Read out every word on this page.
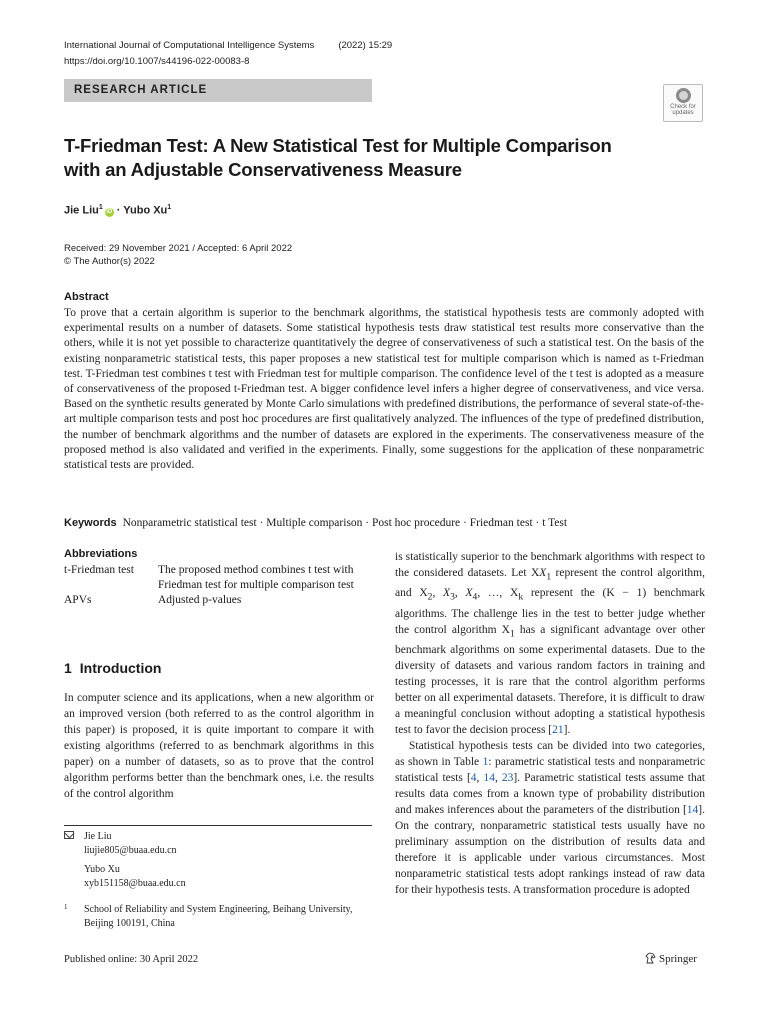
International Journal of Computational Intelligence Systems	(2022) 15:29
https://doi.org/10.1007/s44196-022-00083-8
RESEARCH ARTICLE
Check for
updates
T-Friedman Test: A New Statistical Test for Multiple Comparison with an Adjustable Conservativeness Measure
Jie Liu$^1$iD · Yubo Xu$^1$
Received: 29 November 2021 / Accepted: 6 April 2022
© The Author(s) 2022
Abstract
To prove that a certain algorithm is superior to the benchmark algorithms, the statistical hypothesis tests are commonly adopted with experimental results on a number of datasets. Some statistical hypothesis tests draw statistical test results more conservative than the others, while it is not yet possible to characterize quantitatively the degree of conservativeness of such a statistical test. On the basis of the existing nonparametric statistical tests, this paper proposes a new statistical test for multiple comparison which is named as t-Friedman test. T-Friedman test combines t test with Friedman test for multiple comparison. The confidence level of the t test is adopted as a measure of conservativeness of the proposed t-Friedman test. A bigger confidence level infers a higher degree of conservativeness, and vice versa. Based on the synthetic results generated by Monte Carlo simulations with predefined distributions, the performance of several state-of-the-art multiple comparison tests and post hoc procedures are first qualitatively analyzed. The influences of the type of predefined distribution, the number of benchmark algorithms and the number of datasets are explored in the experiments. The conservativeness measure of the proposed method is also validated and verified in the experiments. Finally, some suggestions for the application of these nonparametric statistical tests are provided.
Keywords Nonparametric statistical test · Multiple comparison · Post hoc procedure · Friedman test · t Test
Abbreviations
t-Friedman test	The proposed method combines t test with Friedman test for multiple comparison test
APVs	Adjusted p-values
1 Introduction
In computer science and its applications, when a new algorithm or an improved version (both referred to as the control algorithm in this paper) is proposed, it is quite important to compare it with existing algorithms (referred to as benchmark algorithms in this paper) on a number of datasets, so as to prove that the control algorithm performs better than the benchmark ones, i.e. the results of the control algorithm
Jie Liu
liujie805@buaa.edu.cn
Yubo Xu
xyb151158@buaa.edu.cn
1 School of Reliability and System Engineering, Beihang University, Beijing 100191, China

is statistically superior to the benchmark algorithms with respect to the considered datasets. Let $XX_1$ represent the control algorithm, and $X_2$, $X_3$, $X_4$, …, $X_k$ represent the (K − 1) benchmark algorithms. The challenge lies in the test to better judge whether the control algorithm $X_1$ has a significant advantage over other benchmark algorithms on some experimental datasets. Due to the diversity of datasets and various random factors in training and testing processes, it is rare that the control algorithm performs better on all experimental datasets. Therefore, it is difficult to draw a meaningful conclusion without adopting a statistical hypothesis test to favor the decision process [21].

Statistical hypothesis tests can be divided into two categories, as shown in Table 1: parametric statistical tests and nonparametric statistical tests [4, 14, 23]. Parametric statistical tests assume that results data comes from a known type of probability distribution and makes inferences about the parameters of the distribution [14]. On the contrary, nonparametric statistical tests usually have no preliminary assumption on the distribution of results data and therefore it is applicable under various circumstances. Most nonparametric statistical tests adopt rankings instead of raw data for their hypothesis tests. A transformation procedure is adopted

Published online: 30 April 2022	Springer
